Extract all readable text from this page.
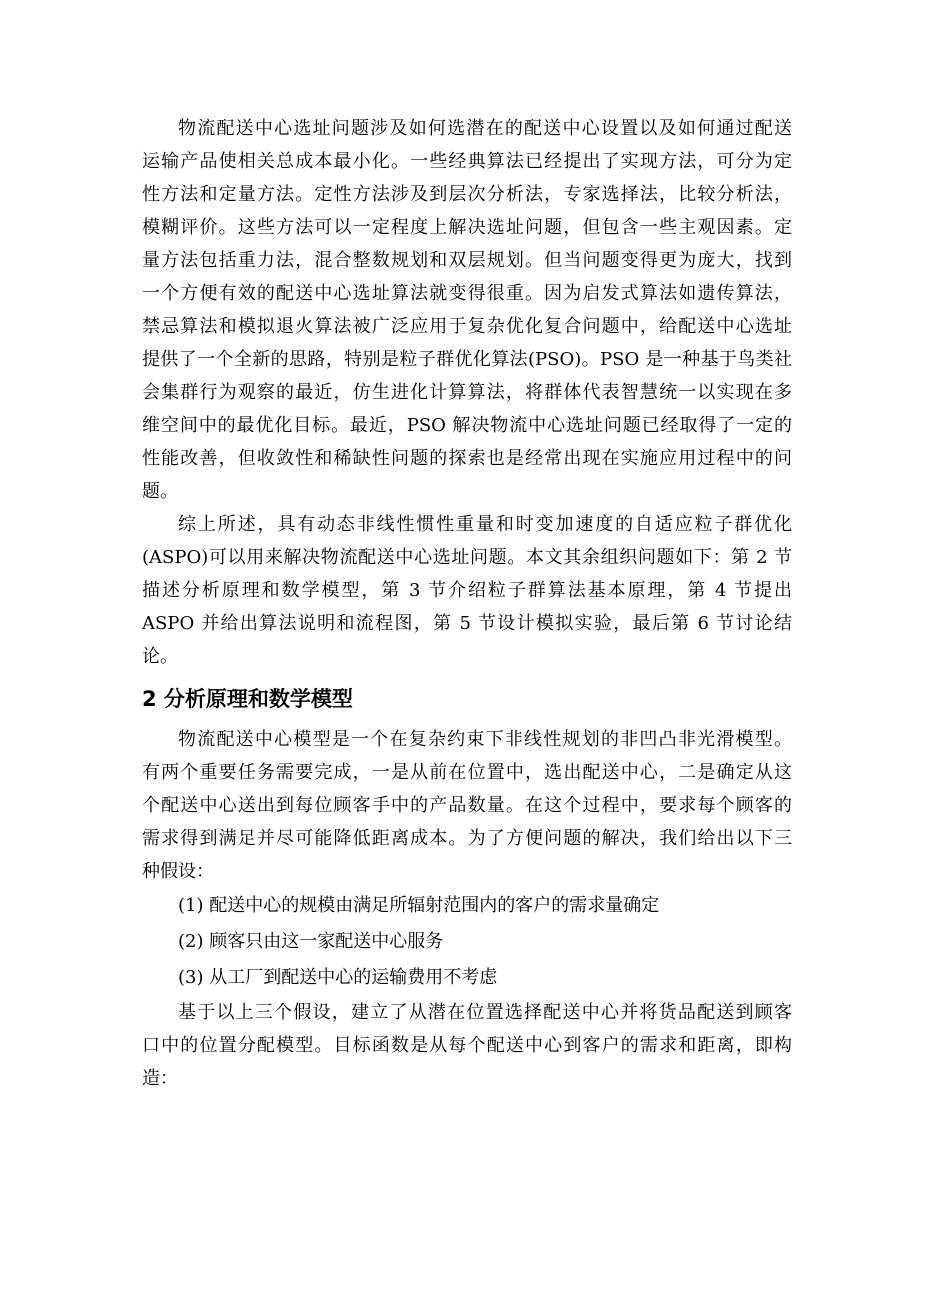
物流配送中心选址问题涉及如何选潜在的配送中心设置以及如何通过配送
运输产品使相关总成本最小化。一些经典算法已经提出了实现方法，可分为定
性方法和定量方法。定性方法涉及到层次分析法，专家选择法，比较分析法，
模糊评价。这些方法可以一定程度上解决选址问题，但包含一些主观因素。定
量方法包括重力法，混合整数规划和双层规划。但当问题变得更为庞大，找到
一个方便有效的配送中心选址算法就变得很重。因为启发式算法如遗传算法，
禁忌算法和模拟退火算法被广泛应用于复杂优化复合问题中，给配送中心选址
提供了一个全新的思路，特别是粒子群优化算法(PSO)。PSO 是一种基于鸟类社
会集群行为观察的最近，仿生进化计算算法，将群体代表智慧统一以实现在多
维空间中的最优化目标。最近，PSO 解决物流中心选址问题已经取得了一定的
性能改善，但收敛性和稀缺性问题的探索也是经常出现在实施应用过程中的问
题。

综上所述，具有动态非线性惯性重量和时变加速度的自适应粒子群优化
(ASPO)可以用来解决物流配送中心选址问题。本文其余组织问题如下：第 2 节
描述分析原理和数学模型，第 3 节介绍粒子群算法基本原理，第 4 节提出
ASPO 并给出算法说明和流程图，第 5 节设计模拟实验，最后第 6 节讨论结
论。

2 分析原理和数学模型

物流配送中心模型是一个在复杂约束下非线性规划的非凹凸非光滑模型。
有两个重要任务需要完成，一是从前在位置中，选出配送中心，二是确定从这
个配送中心送出到每位顾客手中的产品数量。在这个过程中，要求每个顾客的
需求得到满足并尽可能降低距离成本。为了方便问题的解决，我们给出以下三
种假设：

(1) 配送中心的规模由满足所辐射范围内的客户的需求量确定

(2) 顾客只由这一家配送中心服务

(3) 从工厂到配送中心的运输费用不考虑

基于以上三个假设，建立了从潜在位置选择配送中心并将货品配送到顾客
口中的位置分配模型。目标函数是从每个配送中心到客户的需求和距离，即构
造：
